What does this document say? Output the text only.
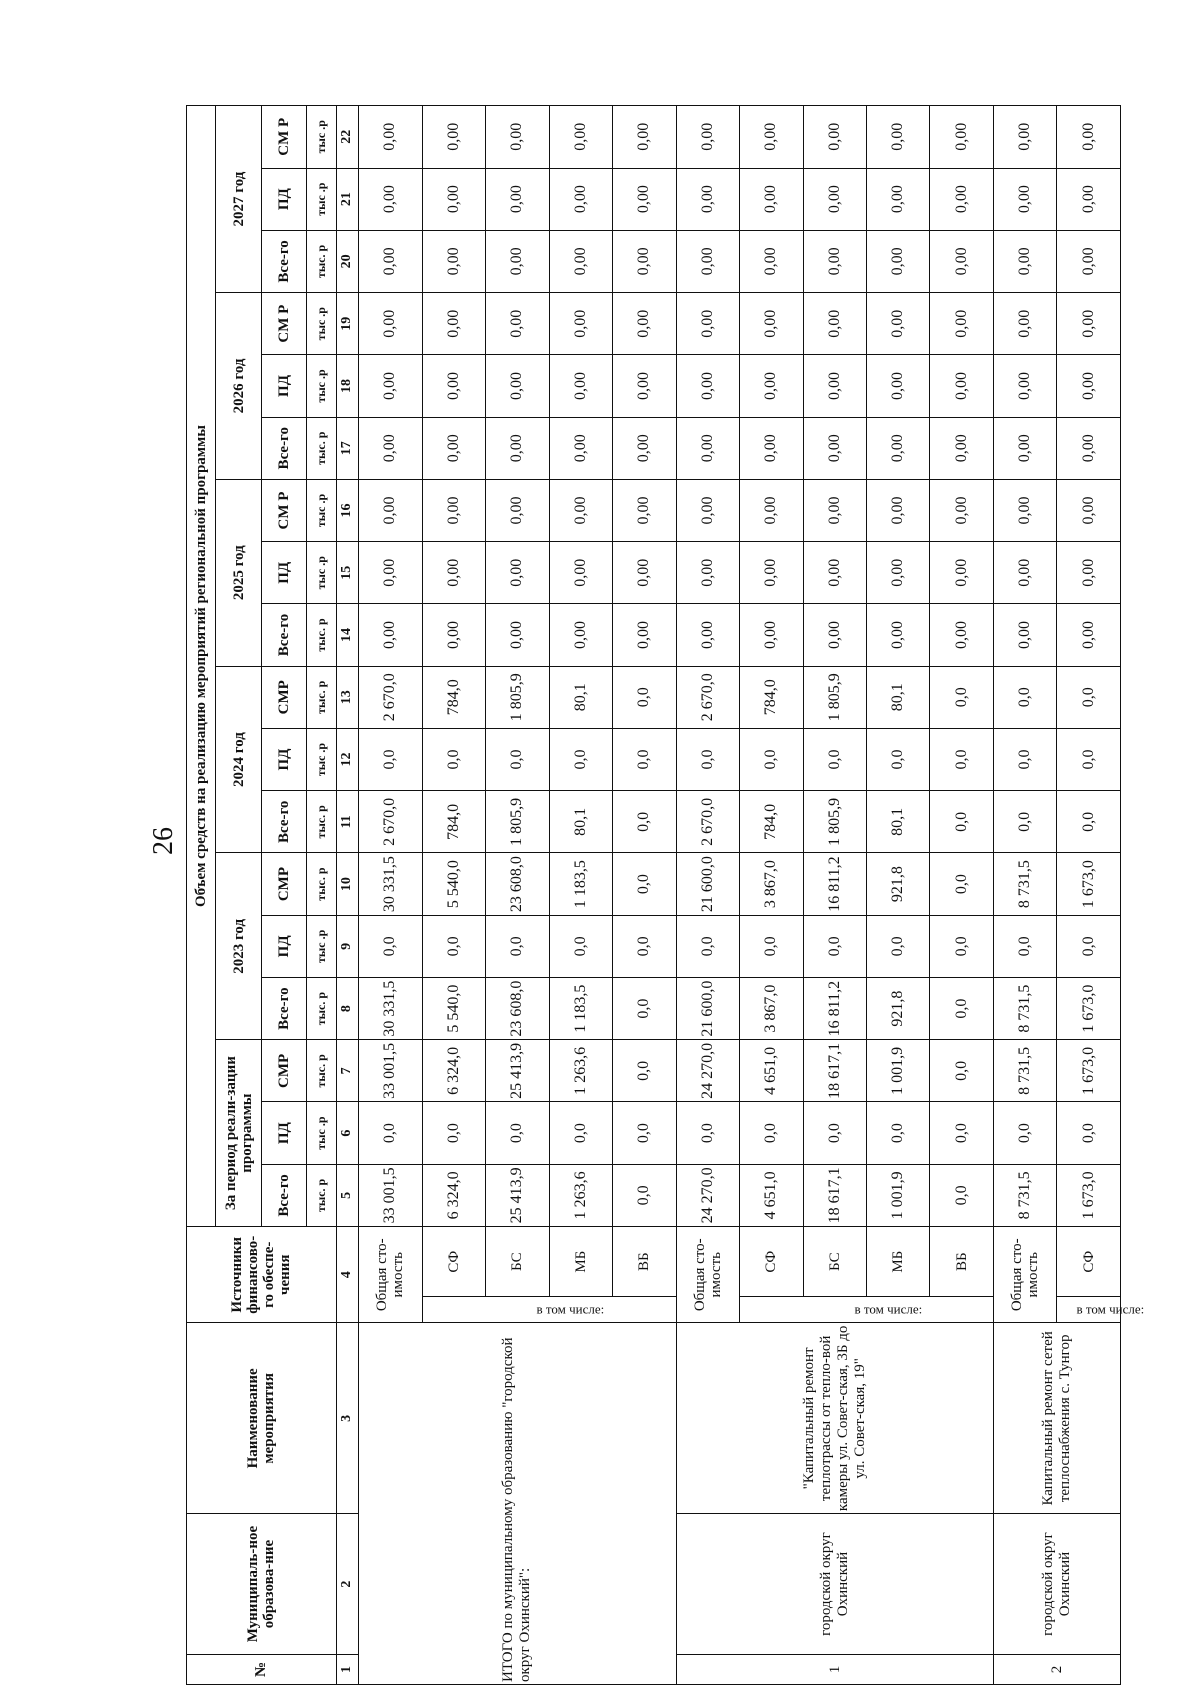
26
№	Муниципаль-ное образова-ние	Наименование мероприятия	Источники финансово-го обеспе-чения		Объем средств на реализацию мероприятий региональной программы																	
					За период реали-зации программы			2023 год			2024 год			2025 год			2026 год			2027 год		
					Все-го	ПД	СМР	Все-го	ПД	СМР	Все-го	ПД	СМР	Все-го	ПД	СМ Р	Все-го	ПД	СМ Р	Все-го	ПД	СМ Р
					тыс. р	тыс .р	тыс. р	тыс. р	тыс .р	тыс. р	тыс. р	тыс .р	тыс. р	тыс. р	тыс .р	тыс .р	тыс. р	тыс .р	тыс .р	тыс. р	тыс .р	тыс .р
1	2	3	4		5	6	7	8	9	10	11	12	13	14	15	16	17	18	19	20	21	22
ИТОГО по муниципальному образованию "городской округ Охинский":			Общая сто-имость		33 001,5	0,0	33 001,5	30 331,5	0,0	30 331,5	2 670,0	0,0	2 670,0	0,00	0,00	0,00	0,00	0,00	0,00	0,00	0,00	0,00

			в том числе:	СФ	6 324,0	0,0	6 324,0	5 540,0	0,0	5 540,0	784,0	0,0	784,0	0,00	0,00	0,00	0,00	0,00	0,00	0,00	0,00	0,00
				БС	25 413,9	0,0	25 413,9	23 608,0	0,0	23 608,0	1 805,9	0,0	1 805,9	0,00	0,00	0,00	0,00	0,00	0,00	0,00	0,00	0,00
				МБ	1 263,6	0,0	1 263,6	1 183,5	0,0	1 183,5	80,1	0,0	80,1	0,00	0,00	0,00	0,00	0,00	0,00	0,00	0,00	0,00
				ВБ	0,0	0,0	0,0	0,0	0,0	0,0	0,0	0,0	0,0	0,00	0,00	0,00	0,00	0,00	0,00	0,00	0,00	0,00
1	городской округ Охинский	"Капитальный ремонт теплотрассы от тепло-вой камеры ул. Совет-ская, 3Б до ул. Совет-ская, 19"	Общая сто-имость		24 270,0	0,0	24 270,0	21 600,0	0,0	21 600,0	2 670,0	0,0	2 670,0	0,00	0,00	0,00	0,00	0,00	0,00	0,00	0,00	0,00

			в том числе:	СФ	4 651,0	0,0	4 651,0	3 867,0	0,0	3 867,0	784,0	0,0	784,0	0,00	0,00	0,00	0,00	0,00	0,00	0,00	0,00	0,00
				БС	18 617,1	0,0	18 617,1	16 811,2	0,0	16 811,2	1 805,9	0,0	1 805,9	0,00	0,00	0,00	0,00	0,00	0,00	0,00	0,00	0,00
				МБ	1 001,9	0,0	1 001,9	921,8	0,0	921,8	80,1	0,0	80,1	0,00	0,00	0,00	0,00	0,00	0,00	0,00	0,00	0,00
				ВБ	0,0	0,0	0,0	0,0	0,0	0,0	0,0	0,0	0,0	0,00	0,00	0,00	0,00	0,00	0,00	0,00	0,00	0,00
2	городской округ Охинский	Капитальный ремонт сетей теплоснабжения с. Тунгор	Общая сто-имость		8 731,5	0,0	8 731,5	8 731,5	0,0	8 731,5	0,0	0,0	0,0	0,00	0,00	0,00	0,00	0,00	0,00	0,00	0,00	0,00

			в том числе:	СФ	1 673,0	0,0	1 673,0	1 673,0	0,0	1 673,0	0,0	0,0	0,0	0,00	0,00	0,00	0,00	0,00	0,00	0,00	0,00	0,00
